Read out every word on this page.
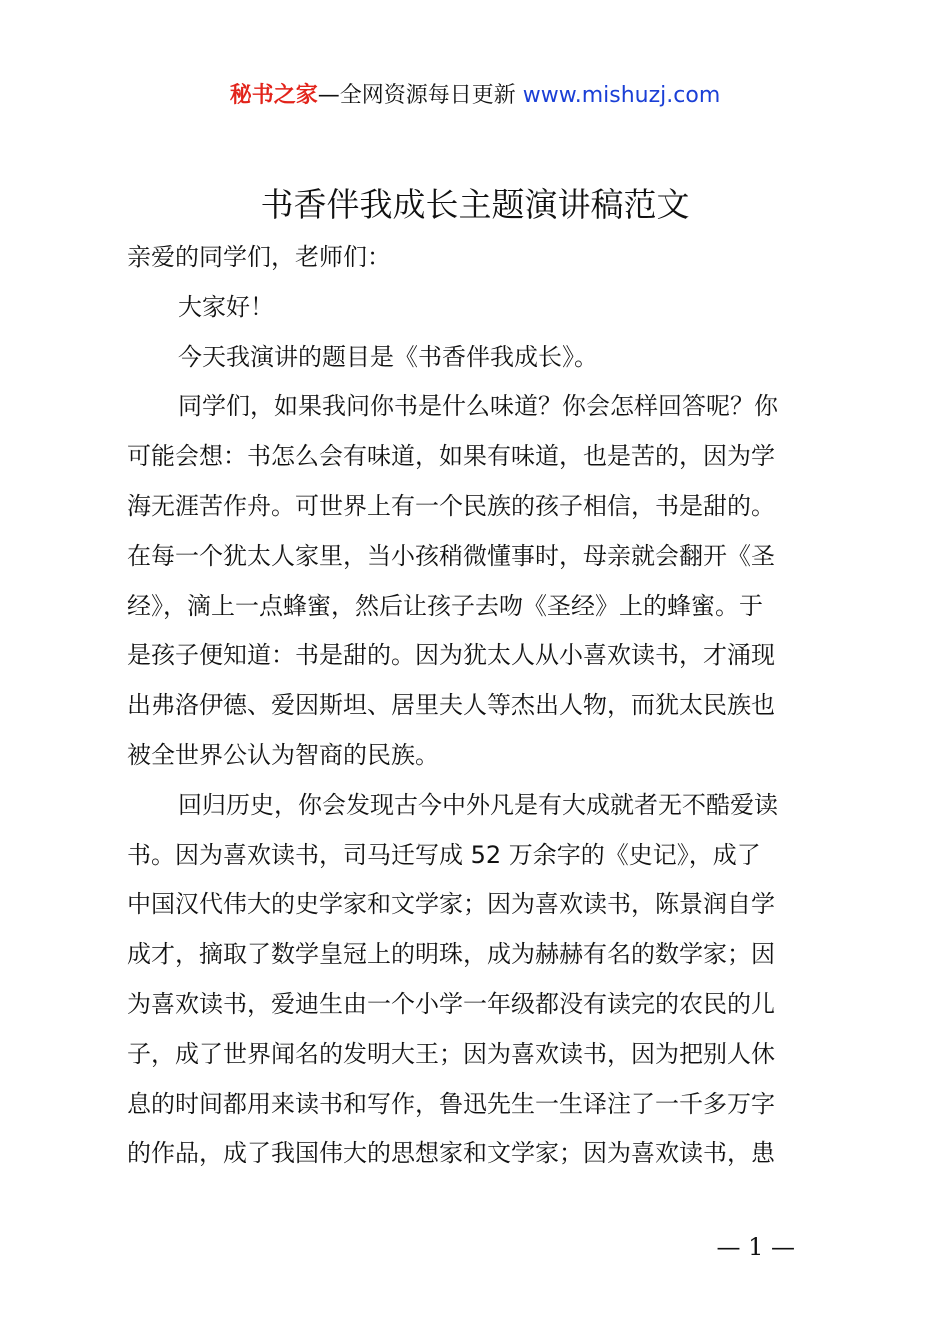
秘书之家—全网资源每日更新 www.mishuzj.com
书香伴我成长主题演讲稿范文
亲爱的同学们，老师们：
大家好！
今天我演讲的题目是《书香伴我成长》。
同学们，如果我问你书是什么味道？你会怎样回答呢？你
可能会想：书怎么会有味道，如果有味道，也是苦的，因为学
海无涯苦作舟。可世界上有一个民族的孩子相信，书是甜的。
在每一个犹太人家里，当小孩稍微懂事时，母亲就会翻开《圣
经》，滴上一点蜂蜜，然后让孩子去吻《圣经》上的蜂蜜。于
是孩子便知道：书是甜的。因为犹太人从小喜欢读书，才涌现
出弗洛伊德、爱因斯坦、居里夫人等杰出人物，而犹太民族也
被全世界公认为智商的民族。
回归历史，你会发现古今中外凡是有大成就者无不酷爱读
书。因为喜欢读书，司马迁写成 52 万余字的《史记》，成了
中国汉代伟大的史学家和文学家；因为喜欢读书，陈景润自学
成才，摘取了数学皇冠上的明珠，成为赫赫有名的数学家；因
为喜欢读书，爱迪生由一个小学一年级都没有读完的农民的儿
子，成了世界闻名的发明大王；因为喜欢读书，因为把别人休
息的时间都用来读书和写作，鲁迅先生一生译注了一千多万字
的作品，成了我国伟大的思想家和文学家；因为喜欢读书，患
— 1 —
